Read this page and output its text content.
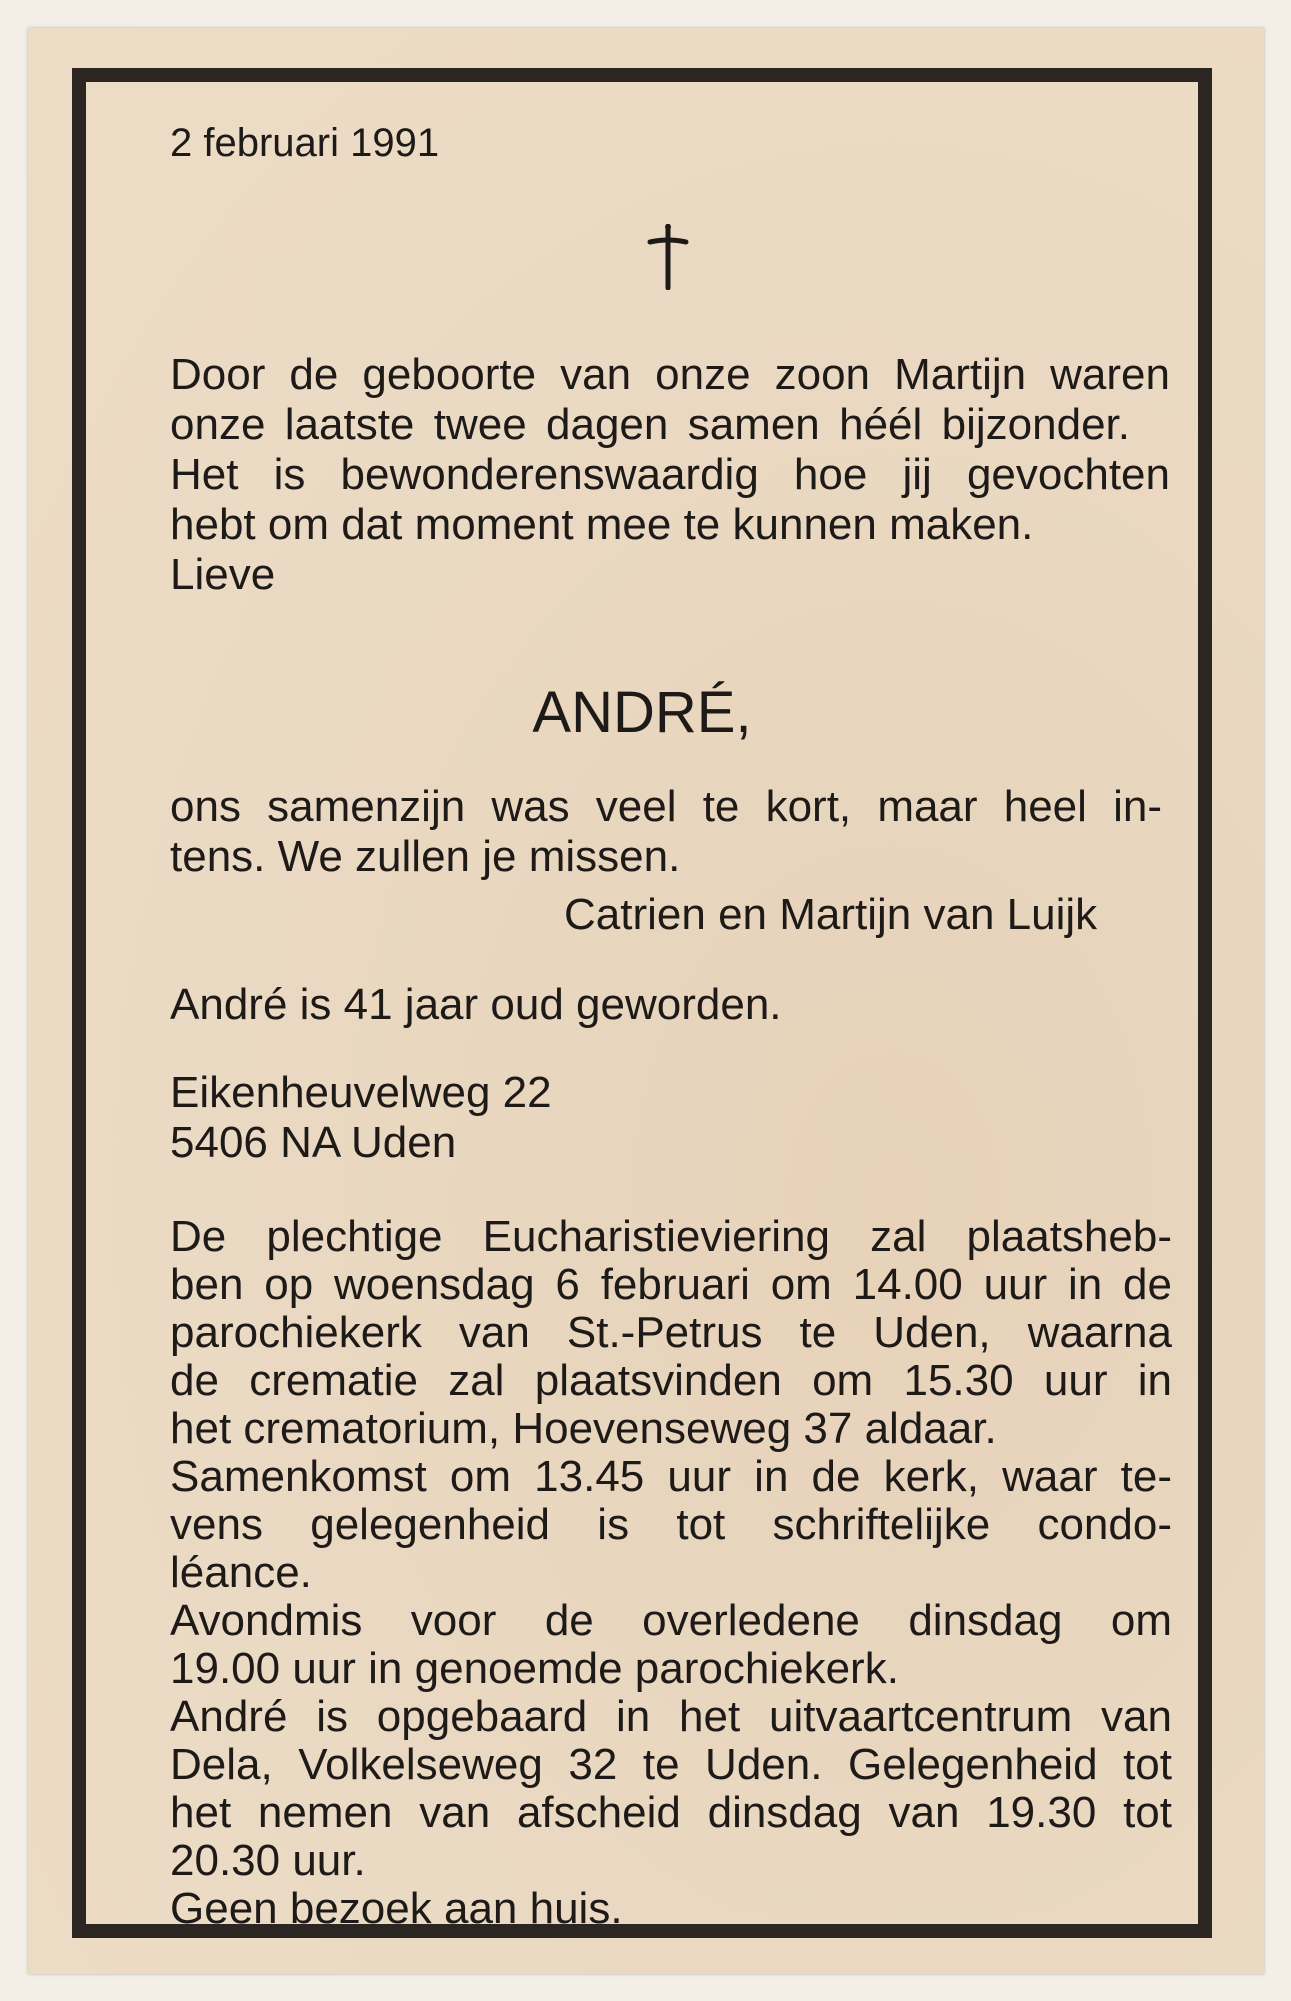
2 februari 1991
Door de geboorte van onze zoon Martijn waren
onze laatste twee dagen samen héél bijzonder.
Het is bewonderenswaardig hoe jij gevochten
hebt om dat moment mee te kunnen maken.
Lieve
ANDRÉ,
ons samenzijn was veel te kort, maar heel in-
tens. We zullen je missen.
Catrien en Martijn van Luijk
André is 41 jaar oud geworden.
Eikenheuvelweg 22
5406 NA Uden
De plechtige Eucharistieviering zal plaatsheb-
ben op woensdag 6 februari om 14.00 uur in de
parochiekerk van St.-Petrus te Uden, waarna
de crematie zal plaatsvinden om 15.30 uur in
het crematorium, Hoevenseweg 37 aldaar.
Samenkomst om 13.45 uur in de kerk, waar te-
vens gelegenheid is tot schriftelijke condo-
léance.
Avondmis voor de overledene dinsdag om
19.00 uur in genoemde parochiekerk.
André is opgebaard in het uitvaartcentrum van
Dela, Volkelseweg 32 te Uden. Gelegenheid tot
het nemen van afscheid dinsdag van 19.30 tot
20.30 uur.
Geen bezoek aan huis.
